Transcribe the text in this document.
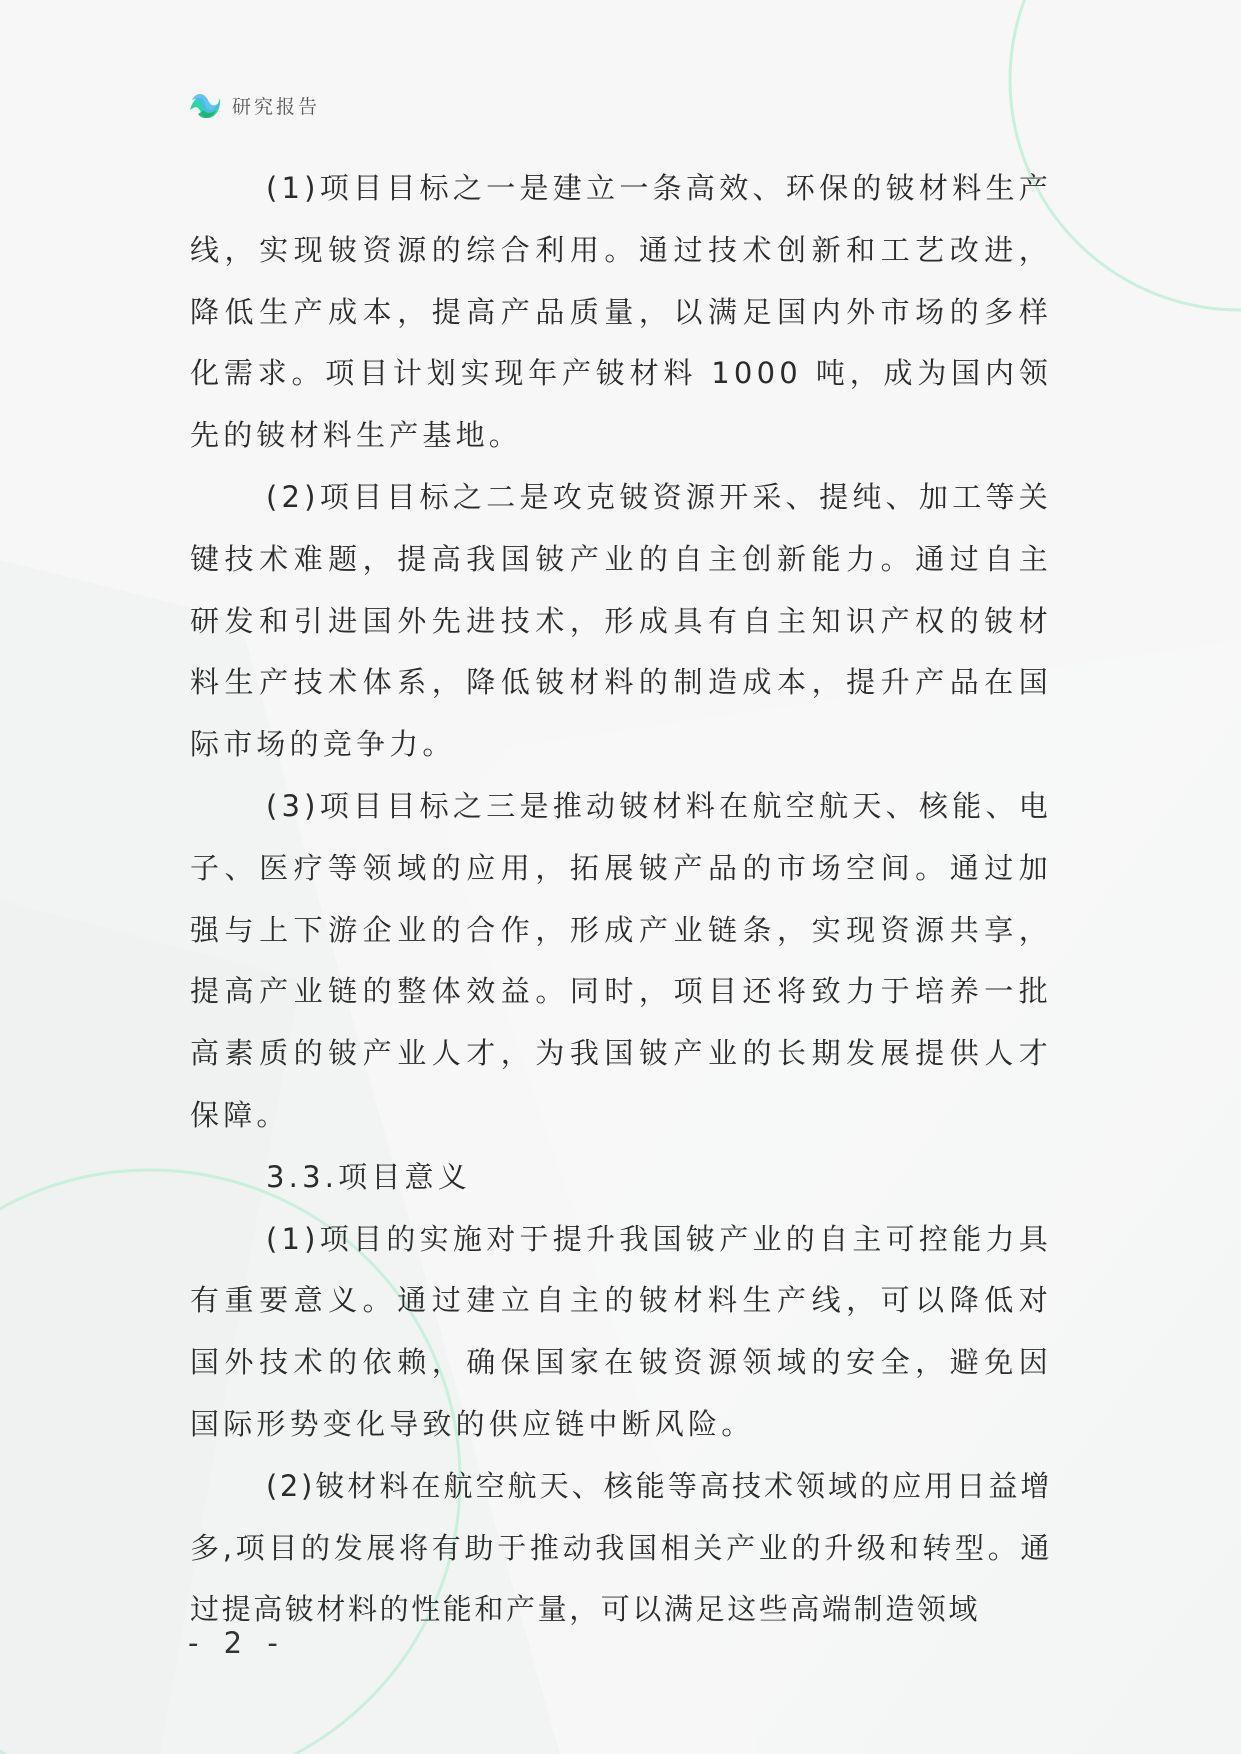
研究报告

(1)项目目标之一是建立一条高效、环保的铍材料生产线，实现铍资源的综合利用。通过技术创新和工艺改进，降低生产成本，提高产品质量，以满足国内外市场的多样化需求。项目计划实现年产铍材料 1000 吨，成为国内领先的铍材料生产基地。

(2)项目目标之二是攻克铍资源开采、提纯、加工等关键技术难题，提高我国铍产业的自主创新能力。通过自主研发和引进国外先进技术，形成具有自主知识产权的铍材料生产技术体系，降低铍材料的制造成本，提升产品在国际市场的竞争力。

(3)项目目标之三是推动铍材料在航空航天、核能、电子、医疗等领域的应用，拓展铍产品的市场空间。通过加强与上下游企业的合作，形成产业链条，实现资源共享，提高产业链的整体效益。同时，项目还将致力于培养一批高素质的铍产业人才，为我国铍产业的长期发展提供人才保障。

3.3.项目意义

(1)项目的实施对于提升我国铍产业的自主可控能力具有重要意义。通过建立自主的铍材料生产线，可以降低对国外技术的依赖，确保国家在铍资源领域的安全，避免因国际形势变化导致的供应链中断风险。

(2)铍材料在航空航天、核能等高技术领域的应用日益增多,项目的发展将有助于推动我国相关产业的升级和转型。通过提高铍材料的性能和产量，可以满足这些高端制造领域

- 2 -
